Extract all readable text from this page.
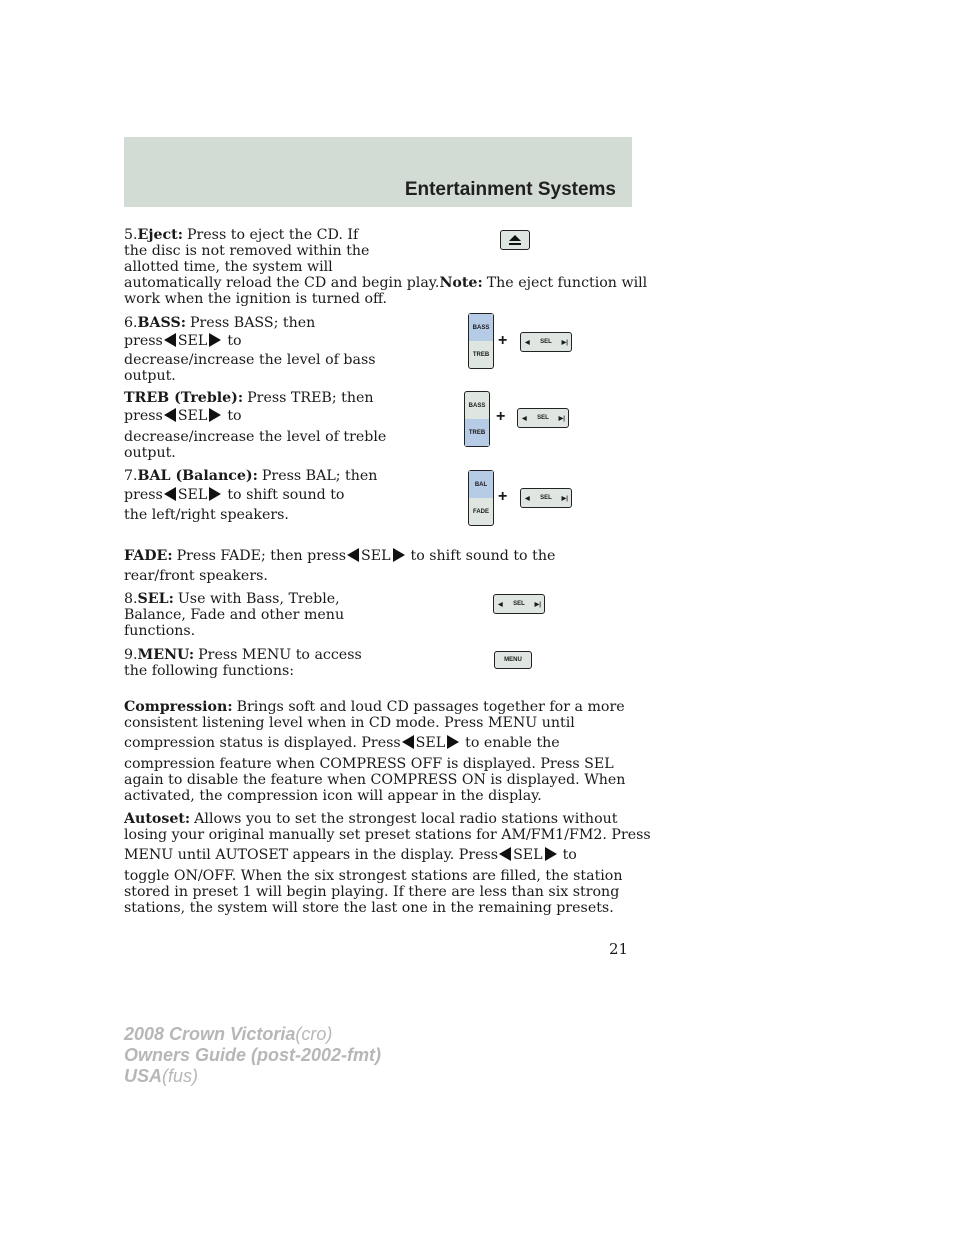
Entertainment Systems
5.Eject: Press to eject the CD. If
the disc is not removed within the
allotted time, the system will
automatically reload the CD and begin play.Note: The eject function will
work when the ignition is turned off.
6.BASS: Press BASS; then
press SEL to
decrease/increase the level of bass
output.
BASS
TREB
+	◀	SEL	▶|
TREB (Treble): Press TREB; then
press SEL to
decrease/increase the level of treble
output.
BASS
TREB
+	◀	SEL	▶|
7.BAL (Balance): Press BAL; then
press SEL to shift sound to
the left/right speakers.
BAL
FADE
+	◀	SEL	▶|
FADE: Press FADE; then press SEL to shift sound to the
rear/front speakers.
8.SEL: Use with Bass, Treble,
Balance, Fade and other menu
functions.
◀	SEL	▶|
9.MENU: Press MENU to access
the following functions:
MENU
Compression: Brings soft and loud CD passages together for a more
consistent listening level when in CD mode. Press MENU until
compression status is displayed. Press SEL to enable the
compression feature when COMPRESS OFF is displayed. Press SEL
again to disable the feature when COMPRESS ON is displayed. When
activated, the compression icon will appear in the display.
Autoset: Allows you to set the strongest local radio stations without
losing your original manually set preset stations for AM/FM1/FM2. Press
MENU until AUTOSET appears in the display. Press SEL to
toggle ON/OFF. When the six strongest stations are filled, the station
stored in preset 1 will begin playing. If there are less than six strong
stations, the system will store the last one in the remaining presets.
21
2008 Crown Victoria(cro)
Owners Guide (post-2002-fmt)
USA(fus)
